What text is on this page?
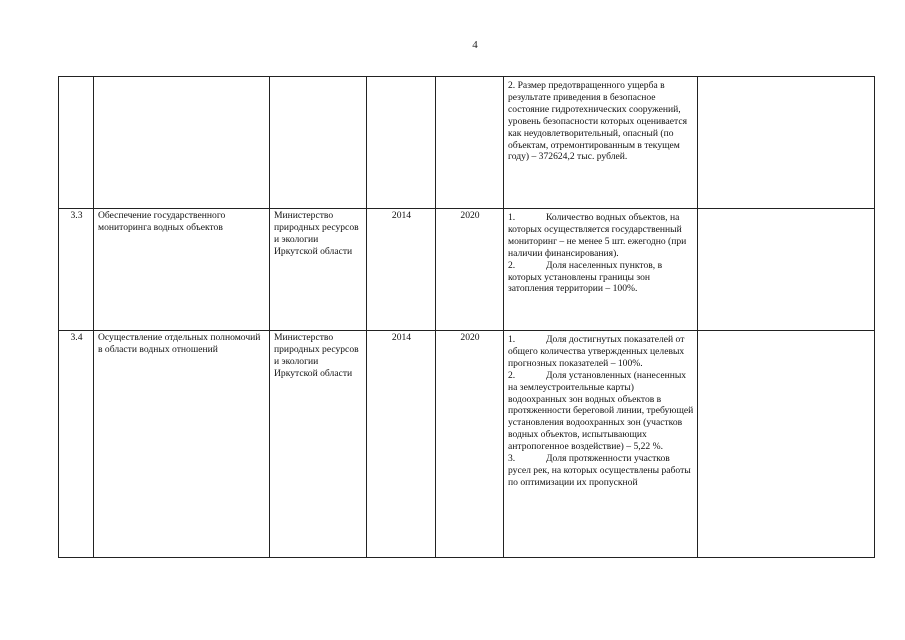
4

					2. Размер предотвращенного ущерба в результате приведения в безопасное состояние гидротехнических сооружений, уровень безопасности которых оценивается как неудовлетворительный, опасный (по объектам, отремонтированным в текущем году) – 372624,2 тыс. рублей.	

3.3	Обеспечение государственного мониторинга водных объектов	Министерство природных ресурсов и экологии Иркутской области	2014	2020	1. Количество водных объектов, на которых осуществляется государственный мониторинг – не менее 5 шт. ежегодно (при наличии финансирования).

2. Доля населенных пунктов, в которых установлены границы зон затопления территории – 100%.	

3.4	Осуществление отдельных полномочий в области водных отношений	Министерство природных ресурсов и экологии Иркутской области	2014	2020	1. Доля достигнутых показателей от общего количества утвержденных целевых прогнозных показателей – 100%.

2. Доля установленных (нанесенных на землеустроительные карты) водоохранных зон водных объектов в протяженности береговой линии, требующей установления водоохранных зон (участков водных объектов, испытывающих антропогенное воздействие) – 5,22 %.

3. Доля протяженности участков русел рек, на которых осуществлены работы по оптимизации их пропускной	
